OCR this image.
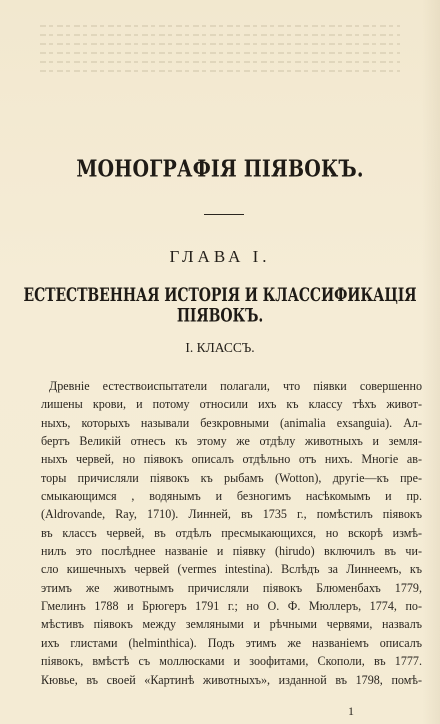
МОНОГРАФІЯ ПІЯВОКЪ.
ГЛАВА I.
ЕСТЕСТВЕННАЯ ИСТОРІЯ И КЛАССИФИКАЦІЯ ПІЯВОКЪ.
I. КЛАССЪ.
Древніе естествоиспытатели полагали, что піявки совершенно
лишены крови, и потому относили ихъ къ классу тѣхъ живот-
ныхъ, которыхъ называли безкровными (animalia exsanguia). Ал-
бертъ Великій отнесъ къ этому же отдѣлу животныхъ и земля-
ныхъ червей, но піявокъ описалъ отдѣльно отъ нихъ. Многіе ав-
торы причисляли піявокъ къ рыбамъ (Wotton), другіе—къ пре-
смыкающимся , водянымъ и безногимъ насѣкомымъ и пр.
(Aldrovande, Ray, 1710). Линней, въ 1735 г., помѣстилъ піявокъ
въ классъ червей, въ отдѣлъ пресмыкающихся, но вскорѣ измѣ-
нилъ это послѣднее названіе и піявку (hirudo) включилъ въ чи-
сло кишечныхъ червей (vermes intestina). Вслѣдъ за Линнеемъ, къ
этимъ же животнымъ причисляли піявокъ Блюменбахъ 1779,
Гмелинъ 1788 и Брюгеръ 1791 г.; но О. Ф. Мюллеръ, 1774, по-
мѣстивъ піявокъ между земляными и рѣчными червями, назвалъ
ихъ глистами (helminthica). Подъ этимъ же названіемъ описалъ
піявокъ, вмѣстѣ съ моллюсками и зоофитами, Скополи, въ 1777.
Кювье, въ своей «Картинѣ животныхъ», изданной въ 1798, помѣ-
1
